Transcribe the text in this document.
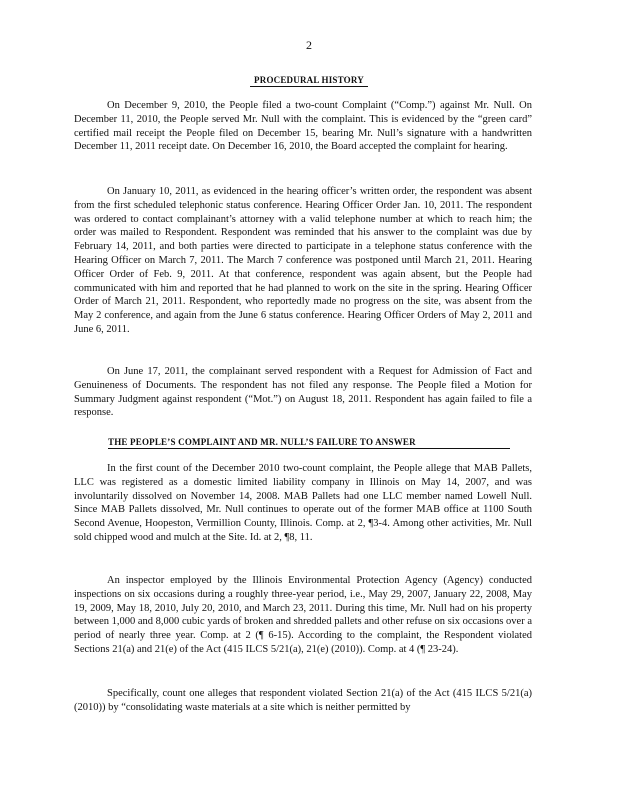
2
PROCEDURAL HISTORY

On December 9, 2010, the People filed a two-count Complaint (“Comp.”) against Mr. Null. On December 11, 2010, the People served Mr. Null with the complaint. This is evidenced by the “green card” certified mail receipt the People filed on December 15, bearing Mr. Null’s signature with a handwritten December 11, 2011 receipt date. On December 16, 2010, the Board accepted the complaint for hearing.

On January 10, 2011, as evidenced in the hearing officer’s written order, the respondent was absent from the first scheduled telephonic status conference. Hearing Officer Order Jan. 10, 2011. The respondent was ordered to contact complainant’s attorney with a valid telephone number at which to reach him; the order was mailed to Respondent. Respondent was reminded that his answer to the complaint was due by February 14, 2011, and both parties were directed to participate in a telephone status conference with the Hearing Officer on March 7, 2011. The March 7 conference was postponed until March 21, 2011. Hearing Officer Order of Feb. 9, 2011. At that conference, respondent was again absent, but the People had communicated with him and reported that he had planned to work on the site in the spring. Hearing Officer Order of March 21, 2011. Respondent, who reportedly made no progress on the site, was absent from the May 2 conference, and again from the June 6 status conference. Hearing Officer Orders of May 2, 2011 and June 6, 2011.

On June 17, 2011, the complainant served respondent with a Request for Admission of Fact and Genuineness of Documents. The respondent has not filed any response. The People filed a Motion for Summary Judgment against respondent (“Mot.”) on August 18, 2011. Respondent has again failed to file a response.

THE PEOPLE’S COMPLAINT AND MR. NULL’S FAILURE TO ANSWER

In the first count of the December 2010 two-count complaint, the People allege that MAB Pallets, LLC was registered as a domestic limited liability company in Illinois on May 14, 2007, and was involuntarily dissolved on November 14, 2008. MAB Pallets had one LLC member named Lowell Null. Since MAB Pallets dissolved, Mr. Null continues to operate out of the former MAB office at 1100 South Second Avenue, Hoopeston, Vermillion County, Illinois. Comp. at 2, ¶3-4. Among other activities, Mr. Null sold chipped wood and mulch at the Site. Id. at 2, ¶8, 11.

An inspector employed by the Illinois Environmental Protection Agency (Agency) conducted inspections on six occasions during a roughly three-year period, i.e., May 29, 2007, January 22, 2008, May 19, 2009, May 18, 2010, July 20, 2010, and March 23, 2011. During this time, Mr. Null had on his property between 1,000 and 8,000 cubic yards of broken and shredded pallets and other refuse on six occasions over a period of nearly three year. Comp. at 2 (¶ 6-15). According to the complaint, the Respondent violated Sections 21(a) and 21(e) of the Act (415 ILCS 5/21(a), 21(e) (2010)). Comp. at 4 (¶ 23-24).

Specifically, count one alleges that respondent violated Section 21(a) of the Act (415 ILCS 5/21(a) (2010)) by “consolidating waste materials at a site which is neither permitted by
